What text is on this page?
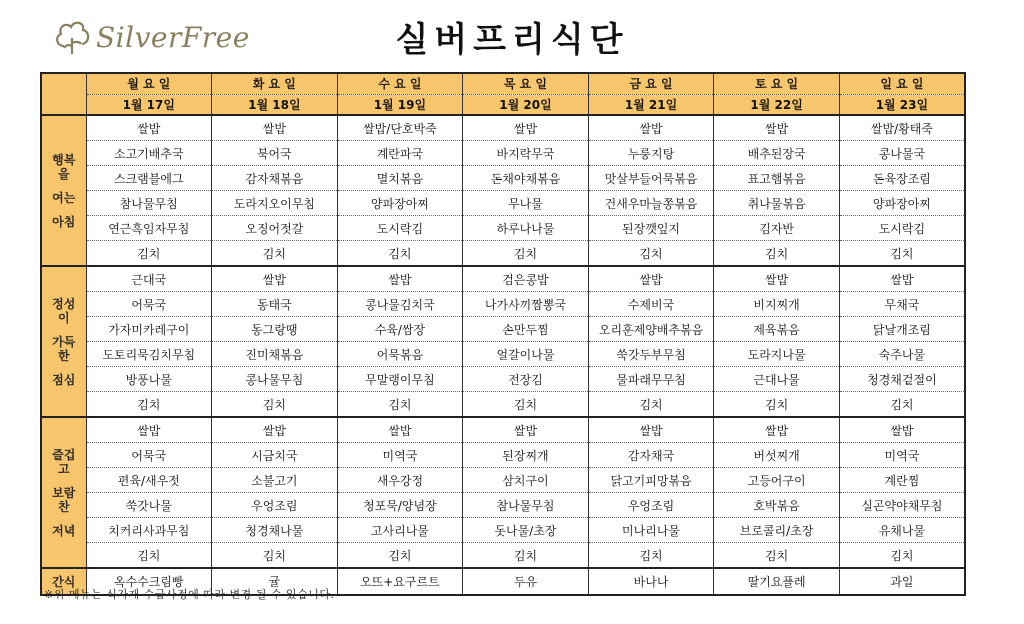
SilverFree	실버프리식단
	월 요 일	화 요 일	수 요 일	목 요 일	금 요 일	토 요 일	일 요 일
	1월 17일	1월 18일	1월 19일	1월 20일	1월 21일	1월 22일	1월 23일

행복
을
여는
아침	쌀밥	쌀밥	쌀밥/단호박죽	쌀밥	쌀밥	쌀밥	쌀밥/황태죽
	소고기배추국	북어국	계란파국	바지락무국	누룽지탕	배추된장국	콩나물국
	스크램블에그	감자채볶음	멸치볶음	돈채야채볶음	맛살부들어묵볶음	표고햄볶음	돈육장조림
	참나물무침	도라지오이무침	양파장아찌	무나물	건새우마늘쫑볶음	취나물볶음	양파장아찌
	연근흑임자무침	오징어젓갈	도시락김	하루나나물	된장깻잎지	김자반	도시락김
	김치	김치	김치	김치	김치	김치	김치

정성
이
가득
한
점심	근대국	쌀밥	쌀밥	검은콩밥	쌀밥	쌀밥	쌀밥
	어묵국	동태국	콩나물김치국	나가사끼짬뽕국	수제비국	비지찌개	무채국
	가자미카레구이	동그랑땡	수육/쌈장	손만두찜	오리훈제양배추볶음	제육볶음	닭날개조림
	도토리묵김치무침	진미채볶음	어묵볶음	얼갈이나물	쑥갓두부무침	도라지나물	숙주나물
	방풍나물	콩나물무침	무말랭이무침	전장김	물파래무무침	근대나물	청경채겉절이
	김치	김치	김치	김치	김치	김치	김치

즐겁
고
보람
찬
저녁	쌀밥	쌀밥	쌀밥	쌀밥	쌀밥	쌀밥	쌀밥
	어묵국	시금치국	미역국	된장찌개	감자채국	버섯찌개	미역국
	편육/새우젓	소불고기	새우강정	삼치구이	닭고기피망볶음	고등어구이	계란찜
	쑥갓나물	우엉조림	청포묵/양념장	참나물무침	우엉조림	호박볶음	실곤약야채무침
	치커리사과무침	청경채나물	고사리나물	돗나물/초장	미나리나물	브로콜리/초장	유채나물
	김치	김치	김치	김치	김치	김치	김치
간식	옥수수크림빵	귤	오뜨+요구르트	두유	바나나	딸기요플레	과일
※위 메뉴는 식자재 수급사정에 따라 변경 될 수 있습니다.
